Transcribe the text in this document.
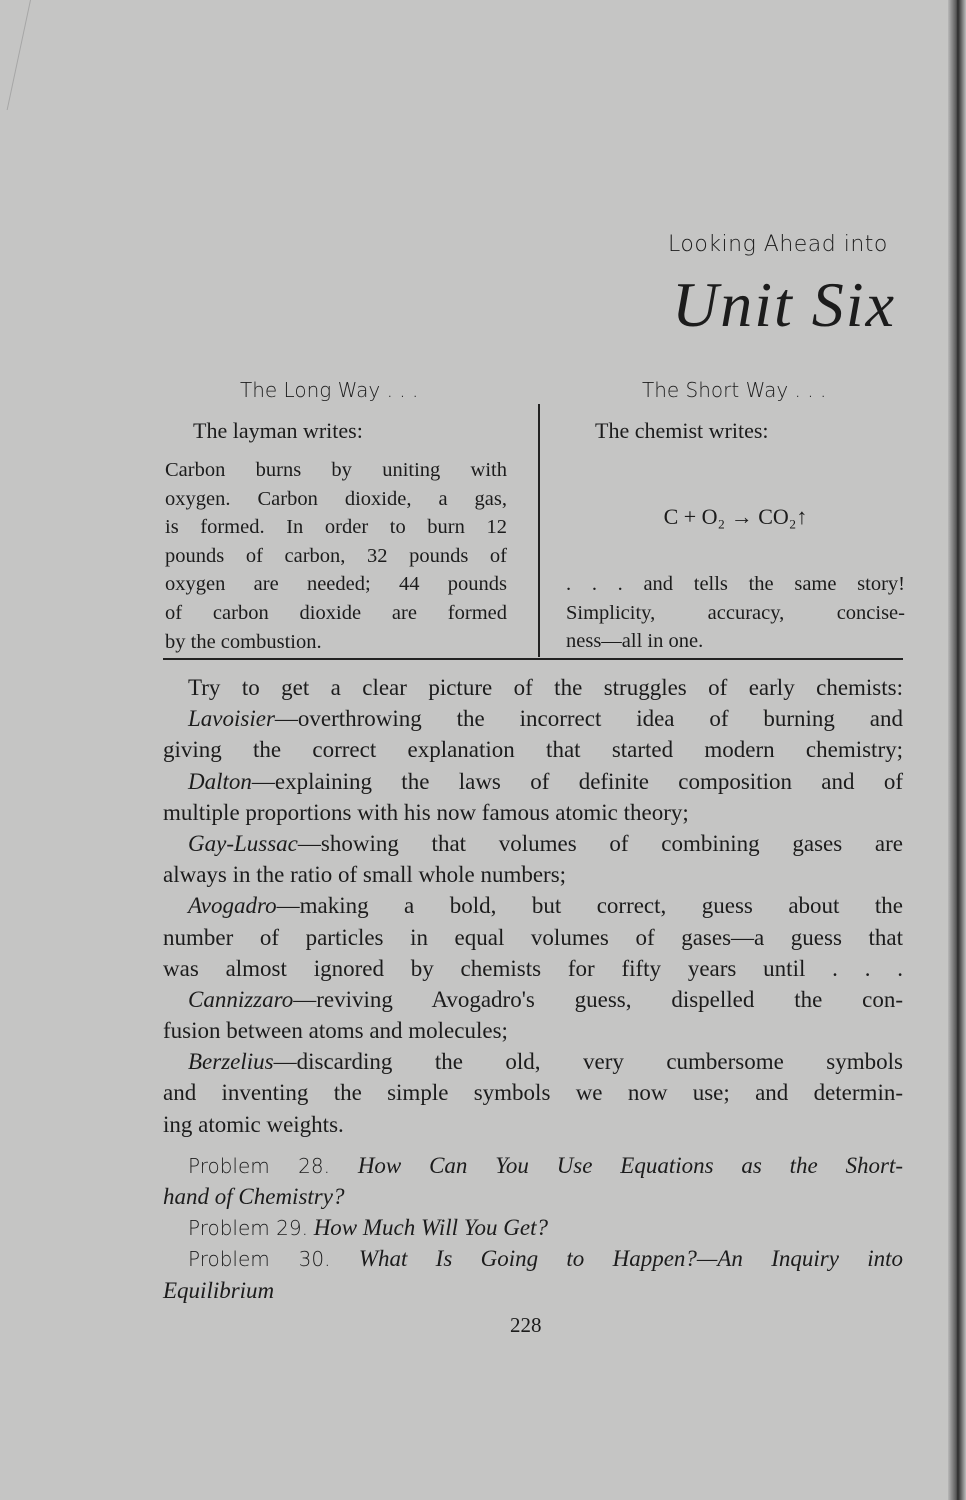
Looking Ahead into
Unit Six
The Long Way . . .
The layman writes:
Carbon burns by uniting with
oxygen. Carbon dioxide, a gas,
is formed. In order to burn 12
pounds of carbon, 32 pounds of
oxygen are needed; 44 pounds
of carbon dioxide are formed
by the combustion.
The Short Way . . .
The chemist writes:
C + O₂ → CO₂↑
. . . and tells the same story!
Simplicity, accuracy, concise-
ness—all in one.
Try to get a clear picture of the struggles of early chemists:
Lavoisier—overthrowing the incorrect idea of burning and
giving the correct explanation that started modern chemistry;
Dalton—explaining the laws of definite composition and of
multiple proportions with his now famous atomic theory;
Gay-Lussac—showing that volumes of combining gases are
always in the ratio of small whole numbers;
Avogadro—making a bold, but correct, guess about the
number of particles in equal volumes of gases—a guess that
was almost ignored by chemists for fifty years until . . .
Cannizzaro—reviving Avogadro's guess, dispelled the con-
fusion between atoms and molecules;
Berzelius—discarding the old, very cumbersome symbols
and inventing the simple symbols we now use; and determin-
ing atomic weights.
Problem 28. How Can You Use Equations as the Short-
hand of Chemistry?
Problem 29. How Much Will You Get?
Problem 30. What Is Going to Happen?—An Inquiry into
Equilibrium
228
